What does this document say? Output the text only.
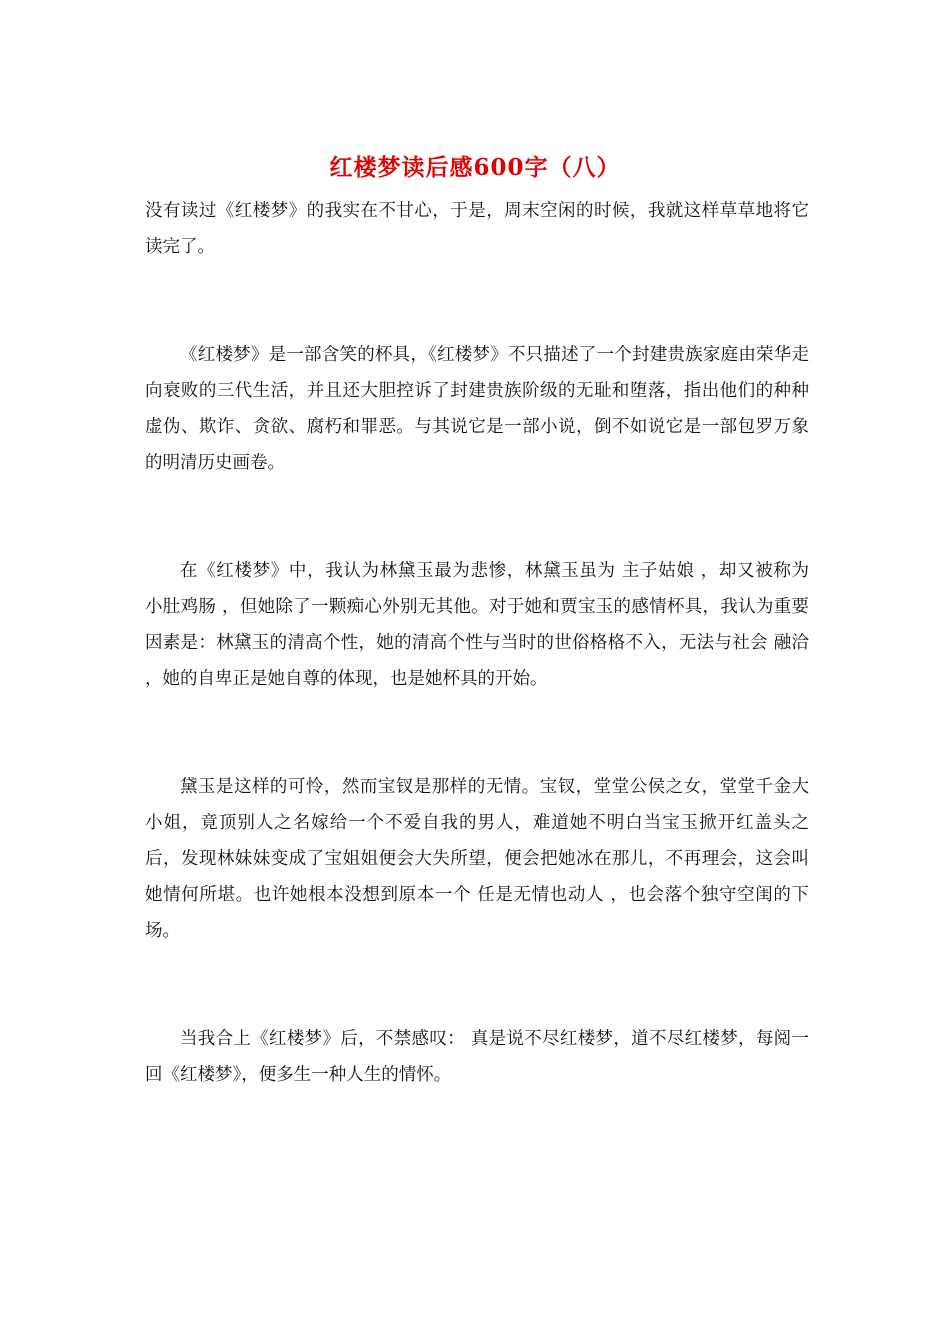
红楼梦读后感600字（八）

没有读过《红楼梦》的我实在不甘心，于是，周末空闲的时候，我就这样草草地将它读完了。

《红楼梦》是一部含笑的杯具，《红楼梦》不只描述了一个封建贵族家庭由荣华走向衰败的三代生活，并且还大胆控诉了封建贵族阶级的无耻和堕落，指出他们的种种虚伪、欺诈、贪欲、腐朽和罪恶。与其说它是一部小说，倒不如说它是一部包罗万象的明清历史画卷。

在《红楼梦》中，我认为林黛玉最为悲惨，林黛玉虽为 主子姑娘 ，却又被称为 小肚鸡肠 ，但她除了一颗痴心外别无其他。对于她和贾宝玉的感情杯具，我认为重要因素是：林黛玉的清高个性，她的清高个性与当时的世俗格格不入，无法与社会 融洽 ，她的自卑正是她自尊的体现，也是她杯具的开始。

黛玉是这样的可怜，然而宝钗是那样的无情。宝钗，堂堂公侯之女，堂堂千金大小姐，竟顶别人之名嫁给一个不爱自我的男人，难道她不明白当宝玉掀开红盖头之后，发现林妹妹变成了宝姐姐便会大失所望，便会把她冰在那儿，不再理会，这会叫她情何所堪。也许她根本没想到原本一个 任是无情也动人 ，也会落个独守空闺的下场。

当我合上《红楼梦》后，不禁感叹： 真是说不尽红楼梦，道不尽红楼梦，每阅一回《红楼梦》，便多生一种人生的情怀。
